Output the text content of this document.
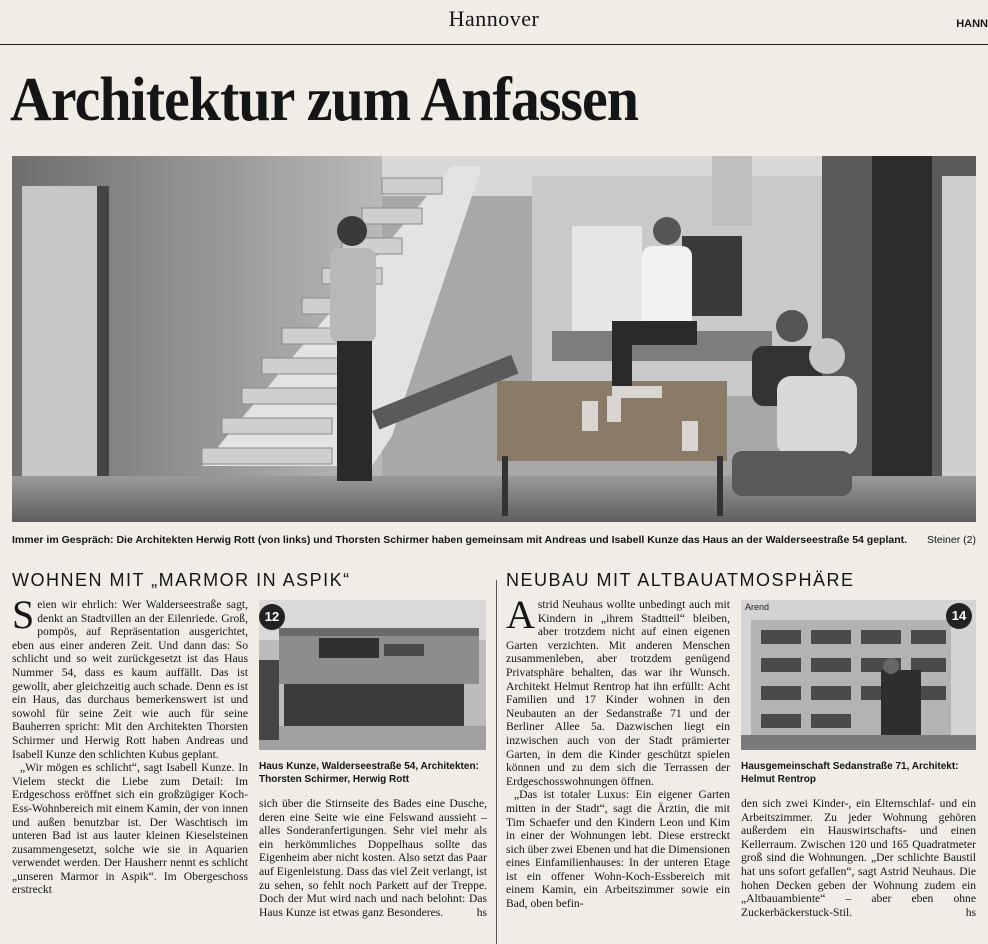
Hannover	HANN
Architektur zum Anfassen
Immer im Gespräch: Die Architekten Herwig Rott (von links) und Thorsten Schirmer haben gemeinsam mit Andreas und Isabell Kunze das Haus an der Walderseestraße 54 geplant.	Steiner (2)
WOHNEN MIT „MARMOR IN ASPIK“

Seien wir ehrlich: Wer Walderseestraße sagt, denkt an Stadtvillen an der Eilenriede. Groß, pompös, auf Repräsentation ausgerichtet, eben aus einer anderen Zeit. Und dann das: So schlicht und so weit zurückgesetzt ist das Haus Nummer 54, dass es kaum auffällt. Das ist gewollt, aber gleichzeitig auch schade. Denn es ist ein Haus, das durchaus bemerkenswert ist und sowohl für seine Zeit wie auch für seine Bauherren spricht: Mit den Architekten Thorsten Schirmer und Herwig Rott haben Andreas und Isabell Kunze den schlichten Kubus geplant.

„Wir mögen es schlicht“, sagt Isabell Kunze. In Vielem steckt die Liebe zum Detail: Im Erdgeschoss eröffnet sich ein großzügiger Koch-Ess-Wohnbereich mit einem Kamin, der von innen und außen benutzbar ist. Der Waschtisch im unteren Bad ist aus lauter kleinen Kieselsteinen zusammengesetzt, solche wie sie in Aquarien verwendet werden. Der Hausherr nennt es schlicht „unseren Marmor in Aspik“. Im Obergeschoss erstreckt

12
Haus Kunze, Walderseestraße 54, Architekten: Thorsten Schirmer, Herwig Rott

sich über die Stirnseite des Bades eine Dusche, deren eine Seite wie eine Felswand aussieht – alles Sonderanfertigungen. Sehr viel mehr als ein herkömmliches Doppelhaus sollte das Eigenheim aber nicht kosten. Also setzt das Paar auf Eigenleistung. Dass das viel Zeit verlangt, ist zu sehen, so fehlt noch Parkett auf der Treppe. Doch der Mut wird nach und nach belohnt: Das Haus Kunze ist etwas ganz Besonderes.	hs

NEUBAU MIT ALTBAUATMOSPHÄRE

Astrid Neuhaus wollte unbedingt auch mit Kindern in „ihrem Stadtteil“ bleiben, aber trotzdem nicht auf einen eigenen Garten verzichten. Mit anderen Menschen zusammenleben, aber trotzdem genügend Privatsphäre behalten, das war ihr Wunsch. Architekt Helmut Rentrop hat ihn erfüllt: Acht Familien und 17 Kinder wohnen in den Neubauten an der Sedanstraße 71 und der Berliner Allee 5a. Dazwischen liegt ein inzwischen auch von der Stadt prämierter Garten, in dem die Kinder geschützt spielen können und zu dem sich die Terrassen der Erdgeschosswohnungen öffnen.

„Das ist totaler Luxus: Ein eigener Garten mitten in der Stadt“, sagt die Ärztin, die mit Tim Schaefer und den Kindern Leon und Kim in einer der Wohnungen lebt. Diese erstreckt sich über zwei Ebenen und hat die Dimensionen eines Einfamilienhauses: In der unteren Etage ist ein offener Wohn-Koch-Essbereich mit einem Kamin, ein Arbeitszimmer sowie ein Bad, oben befin-

Arend
14
Hausgemeinschaft Sedanstraße 71, Architekt: Helmut Rentrop

den sich zwei Kinder-, ein Elternschlaf- und ein Arbeitszimmer. Zu jeder Wohnung gehören außerdem ein Hauswirtschafts- und einen Kellerraum. Zwischen 120 und 165 Quadratmeter groß sind die Wohnungen. „Der schlichte Baustil hat uns sofort gefallen“, sagt Astrid Neuhaus. Die hohen Decken geben der Wohnung zudem ein „Altbauambiente“ – aber eben ohne Zuckerbäckerstuck-Stil.	hs
